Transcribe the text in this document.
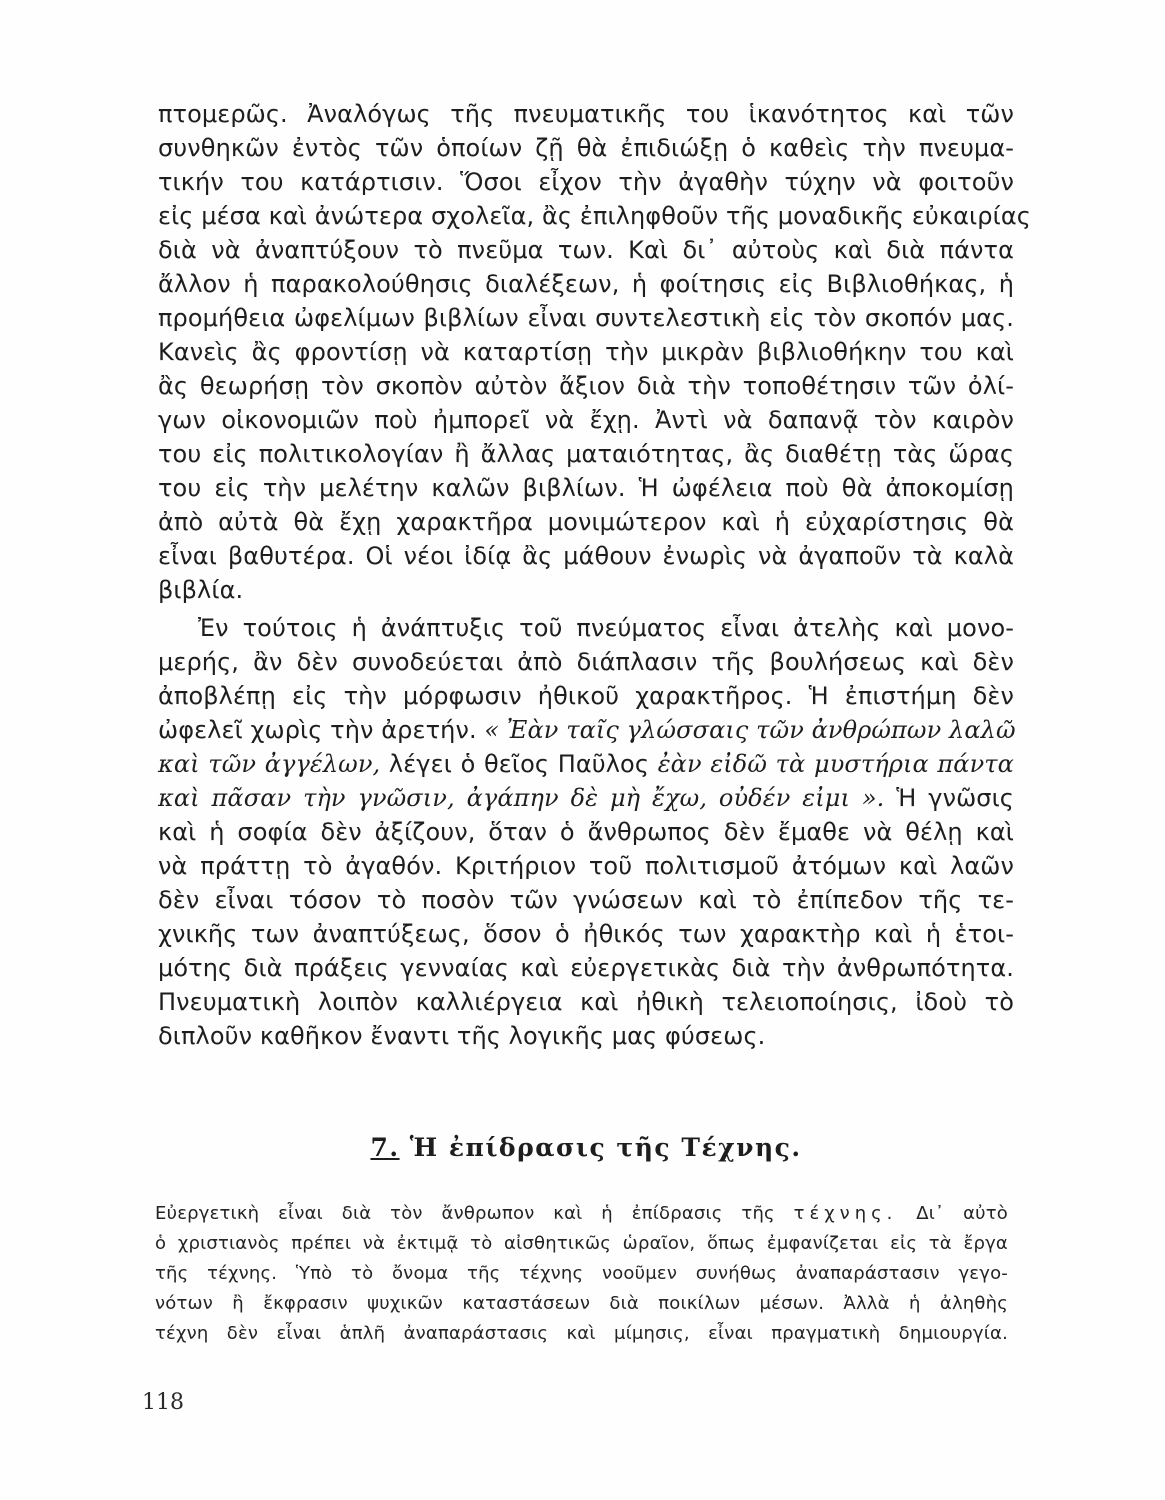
πτομερῶς. Ἀναλόγως τῆς πνευματικῆς του ἱκανότητος καὶ τῶν
συνθηκῶν ἐντὸς τῶν ὁποίων ζῇ θὰ ἐπιδιώξῃ ὁ καθεὶς τὴν πνευμα-
τικήν του κατάρτισιν. Ὅσοι εἶχον τὴν ἀγαθὴν τύχην νὰ φοιτοῦν
εἰς μέσα καὶ ἀνώτερα σχολεῖα, ἂς ἐπιληφθοῦν τῆς μοναδικῆς εὐκαιρίας
διὰ νὰ ἀναπτύξουν τὸ πνεῦμα των. Καὶ δι᾽ αὐτοὺς καὶ διὰ πάντα
ἄλλον ἡ παρακολούθησις διαλέξεων, ἡ φοίτησις εἰς Βιβλιοθήκας, ἡ
προμήθεια ὠφελίμων βιβλίων εἶναι συντελεστικὴ εἰς τὸν σκοπόν μας.
Κανεὶς ἂς φροντίσῃ νὰ καταρτίσῃ τὴν μικρὰν βιβλιοθήκην του καὶ
ἂς θεωρήσῃ τὸν σκοπὸν αὐτὸν ἄξιον διὰ τὴν τοποθέτησιν τῶν ὀλί-
γων οἰκονομιῶν ποὺ ἠμπορεῖ νὰ ἔχῃ. Ἀντὶ νὰ δαπανᾷ τὸν καιρὸν
του εἰς πολιτικολογίαν ἢ ἄλλας ματαιότητας, ἂς διαθέτῃ τὰς ὥρας
του εἰς τὴν μελέτην καλῶν βιβλίων. Ἡ ὠφέλεια ποὺ θὰ ἀποκομίσῃ
ἀπὸ αὐτὰ θὰ ἔχῃ χαρακτῆρα μονιμώτερον καὶ ἡ εὐχαρίστησις θὰ
εἶναι βαθυτέρα. Οἱ νέοι ἰδίᾳ ἂς μάθουν ἐνωρὶς νὰ ἀγαποῦν τὰ καλὰ
βιβλία.
Ἐν τούτοις ἡ ἀνάπτυξις τοῦ πνεύματος εἶναι ἀτελὴς καὶ μονο-
μερής, ἂν δὲν συνοδεύεται ἀπὸ διάπλασιν τῆς βουλήσεως καὶ δὲν
ἀποβλέπῃ εἰς τὴν μόρφωσιν ἠθικοῦ χαρακτῆρος. Ἡ ἐπιστήμη δὲν
ὠφελεῖ χωρὶς τὴν ἀρετήν. « Ἐὰν ταῖς γλώσσαις τῶν ἀνθρώπων λαλῶ
καὶ τῶν ἀγγέλων, λέγει ὁ θεῖος Παῦλος ἐὰν εἰδῶ τὰ μυστήρια πάντα
καὶ πᾶσαν τὴν γνῶσιν, ἀγάπην δὲ μὴ ἔχω, οὐδέν εἰμι ». Ἡ γνῶσις
καὶ ἡ σοφία δὲν ἀξίζουν, ὅταν ὁ ἄνθρωπος δὲν ἔμαθε νὰ θέλῃ καὶ
νὰ πράττῃ τὸ ἀγαθόν. Κριτήριον τοῦ πολιτισμοῦ ἀτόμων καὶ λαῶν
δὲν εἶναι τόσον τὸ ποσὸν τῶν γνώσεων καὶ τὸ ἐπίπεδον τῆς τε-
χνικῆς των ἀναπτύξεως, ὅσον ὁ ἠθικός των χαρακτὴρ καὶ ἡ ἑτοι-
μότης διὰ πράξεις γενναίας καὶ εὐεργετικὰς διὰ τὴν ἀνθρωπότητα.
Πνευματικὴ λοιπὸν καλλιέργεια καὶ ἠθικὴ τελειοποίησις, ἰδοὺ τὸ
διπλοῦν καθῆκον ἔναντι τῆς λογικῆς μας φύσεως.
7. Ἡ ἐπίδρασις τῆς Τέχνης.
Εὐεργετικὴ εἶναι διὰ τὸν ἄνθρωπον καὶ ἡ ἐπίδρασις τῆς τέχνης. Δι᾽ αὐτὸ
ὁ χριστιανὸς πρέπει νὰ ἐκτιμᾷ τὸ αἰσθητικῶς ὡραῖον, ὅπως ἐμφανίζεται εἰς τὰ ἔργα
τῆς τέχνης. Ὑπὸ τὸ ὄνομα τῆς τέχνης νοοῦμεν συνήθως ἀναπαράστασιν γεγο-
νότων ἢ ἔκφρασιν ψυχικῶν καταστάσεων διὰ ποικίλων μέσων. Ἀλλὰ ἡ ἀληθὴς
τέχνη δὲν εἶναι ἁπλῆ ἀναπαράστασις καὶ μίμησις, εἶναι πραγματικὴ δημιουργία.
118
